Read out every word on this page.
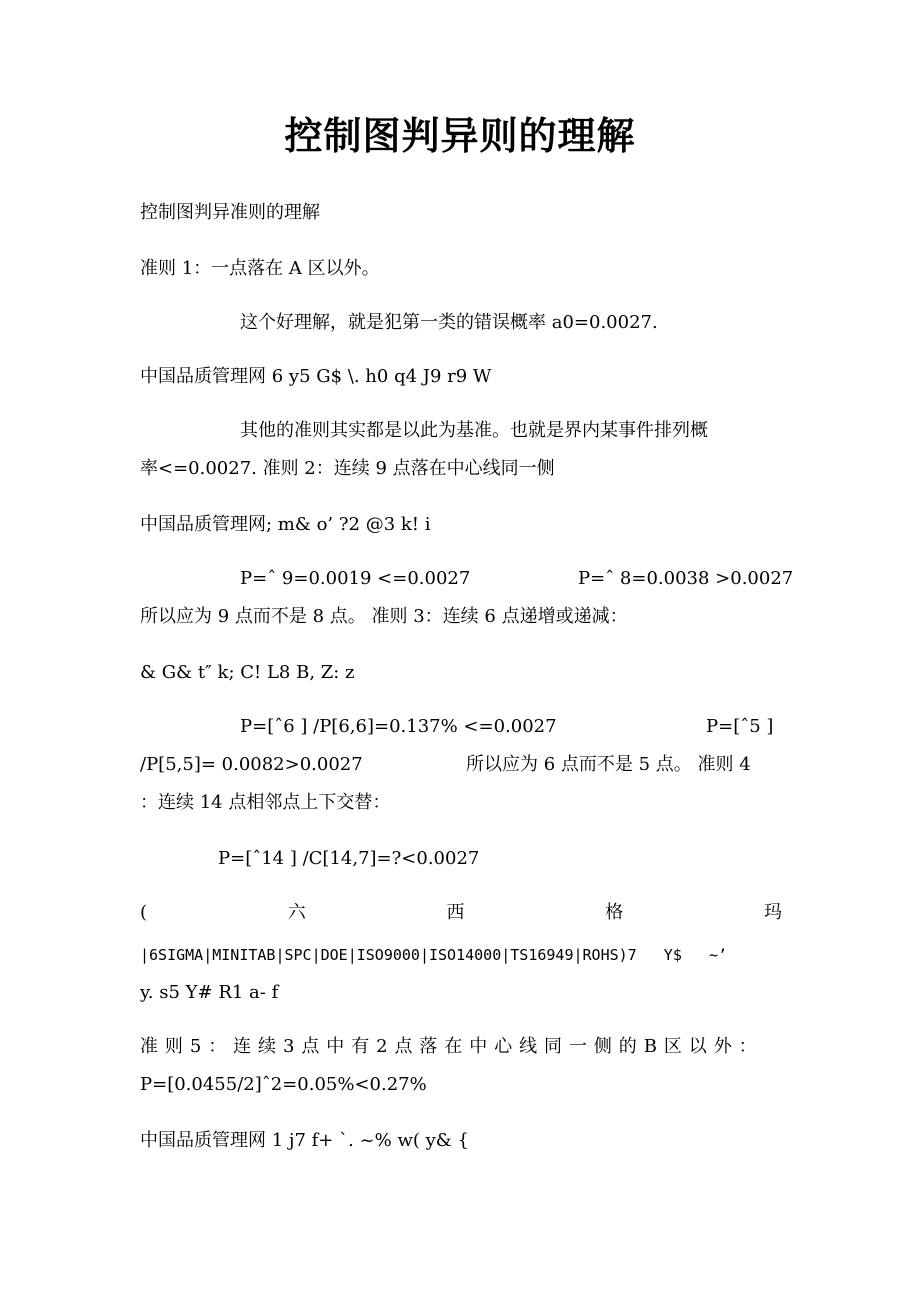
控制图判异则的理解
控制图判异准则的理解
准则 1：一点落在 A 区以外。
这个好理解，就是犯第一类的错误概率 a0=0.0027.
中国品质管理网 6 y5 G$ \. h0 q4 J9 r9 W
其他的准则其实都是以此为基准。也就是界内某事件排列概
率<=0.0027. 准则 2：连续 9 点落在中心线同一侧
中国品质管理网; m& o’ ?2 @3 k! i
P=ˆ 9=0.0019 <=0.0027	P=ˆ 8=0.0038 >0.0027
所以应为 9 点而不是 8 点。 准则 3：连续 6 点递增或递减：
& G& t″ k; C! L8 B, Z: z
P=[ˆ6 ] /P[6,6]=0.137% <=0.0027	P=[ˆ5 ]
/P[5,5]= 0.0082>0.0027	所以应为 6 点而不是 5 点。 准则 4
：连续 14 点相邻点上下交替：
P=[ˆ14 ] /C[14,7]=?<0.0027
(	六	西	格	玛
|6SIGMA|MINITAB|SPC|DOE|ISO9000|ISO14000|TS16949|ROHS)7   Y$   ~’
y. s5 Y# R1 a- f
准 则 5 ： 连 续 3 点 中 有 2 点 落 在 中 心 线 同 一 侧 的 B 区 以 外 ：
P=[0.0455/2]ˆ2=0.05%<0.27%
中国品质管理网 1 j7 f+ `. ~% w( y& {
